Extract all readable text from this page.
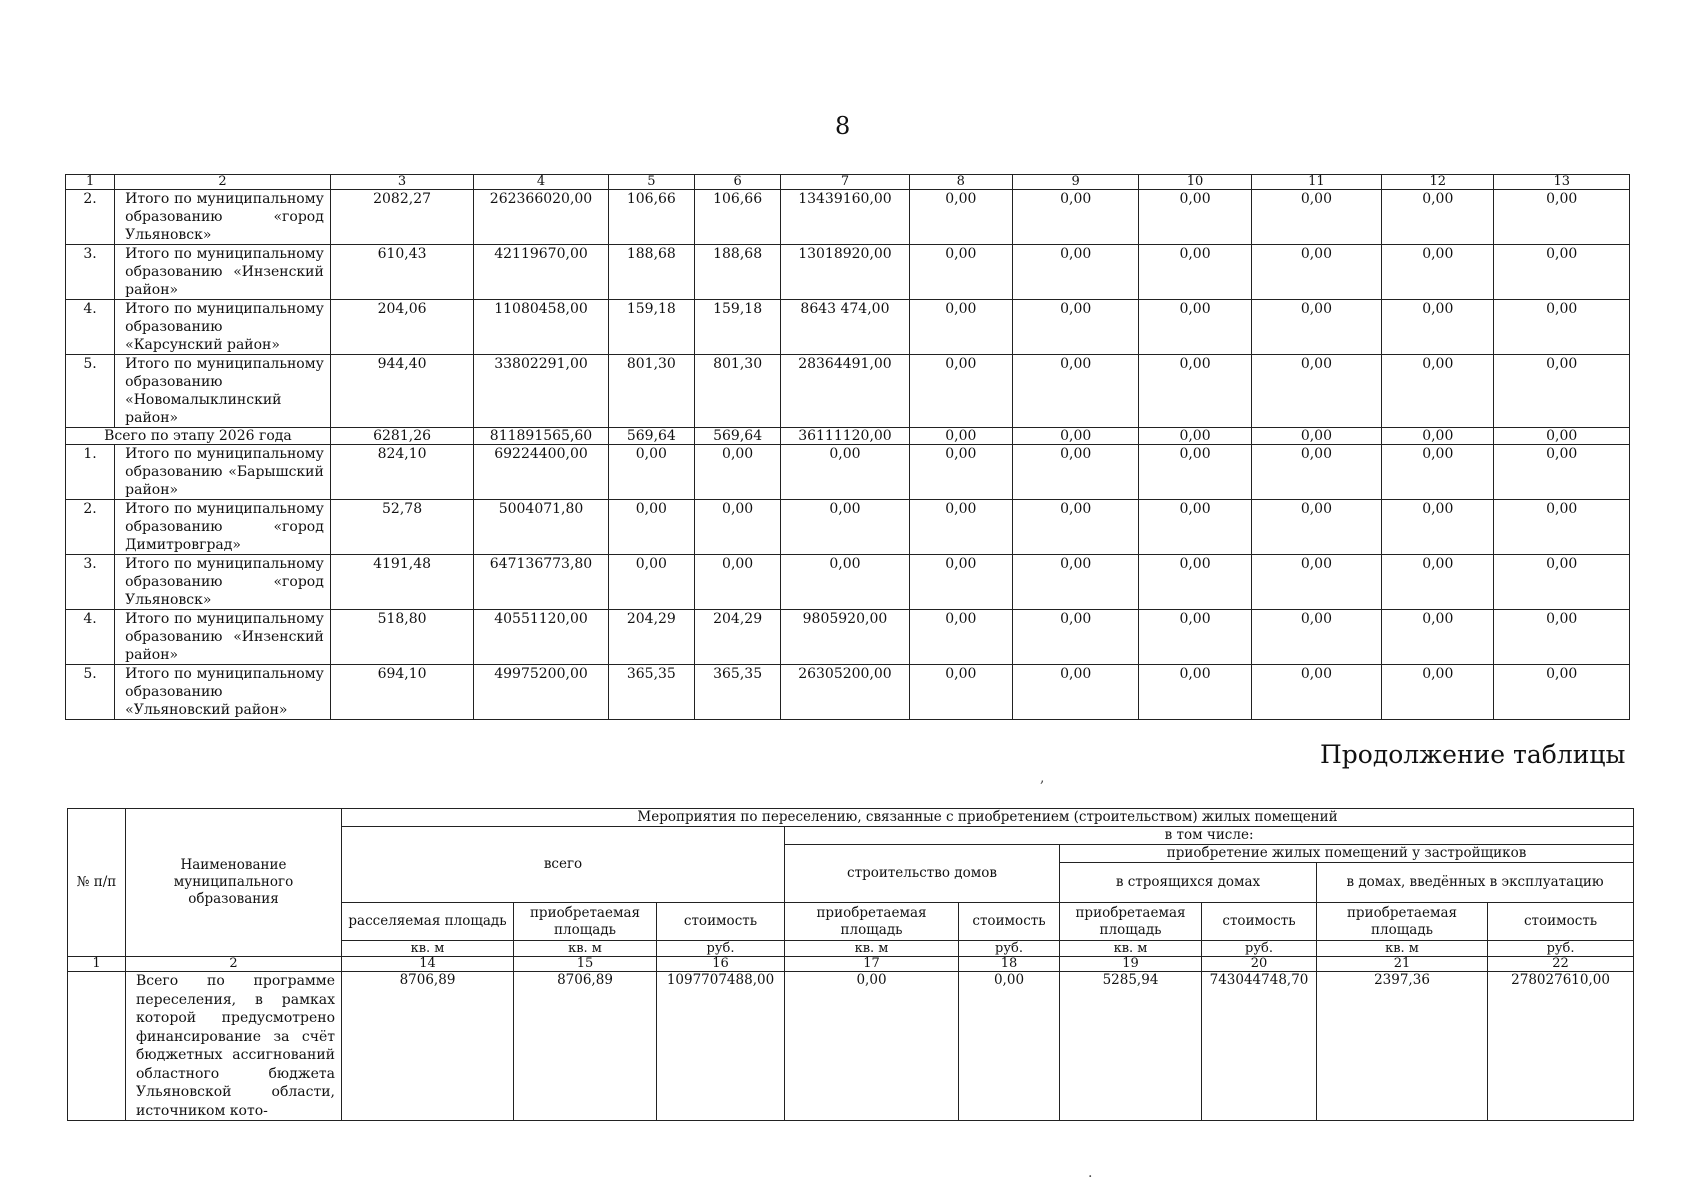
8
1	2	3	4	5	6	7	8	9	10	11	12	13
2.	Итого по муниципальному образованию «город Ульяновск»	2082,27	262366020,00	106,66	106,66	13439160,00	0,00	0,00	0,00	0,00	0,00	0,00
3.	Итого по муниципальному образованию «Инзенский район»	610,43	42119670,00	188,68	188,68	13018920,00	0,00	0,00	0,00	0,00	0,00	0,00
4.	Итого по муниципальному образованию «Карсунский район»	204,06	11080458,00	159,18	159,18	8643 474,00	0,00	0,00	0,00	0,00	0,00	0,00
5.	Итого по муниципальному образованию «Новомалыклинский район»	944,40	33802291,00	801,30	801,30	28364491,00	0,00	0,00	0,00	0,00	0,00	0,00
Всего по этапу 2026 года		6281,26	811891565,60	569,64	569,64	36111120,00	0,00	0,00	0,00	0,00	0,00	0,00
1.	Итого по муниципальному образованию «Барышский район»	824,10	69224400,00	0,00	0,00	0,00	0,00	0,00	0,00	0,00	0,00	0,00
2.	Итого по муниципальному образованию «город Димитровград»	52,78	5004071,80	0,00	0,00	0,00	0,00	0,00	0,00	0,00	0,00	0,00
3.	Итого по муниципальному образованию «город Ульяновск»	4191,48	647136773,80	0,00	0,00	0,00	0,00	0,00	0,00	0,00	0,00	0,00
4.	Итого по муниципальному образованию «Инзенский район»	518,80	40551120,00	204,29	204,29	9805920,00	0,00	0,00	0,00	0,00	0,00	0,00
5.	Итого по муниципальному образованию «Ульяновский район»	694,10	49975200,00	365,35	365,35	26305200,00	0,00	0,00	0,00	0,00	0,00	0,00
Продолжение таблицы
№ п/п	Наименование муниципального образования	Мероприятия по переселению, связанные с приобретением (строительством) жилых помещений								
		всего			в том числе:					
					строительство домов		приобретение жилых помещений у застройщиков			
							в строящихся домах		в домах, введённых в эксплуатацию	
		расселяемая площадь	приобретаемая площадь	стоимость	приобретаемая площадь	стоимость	приобретаемая площадь	стоимость	приобретаемая площадь	стоимость
		кв. м	кв. м	руб.	кв. м	руб.	кв. м	руб.	кв. м	руб.
1	2	14	15	16	17	18	19	20	21	22
	Всего по программе переселения, в рамках которой предусмотрено финансирование за счёт бюджетных ассигнований областного бюджета Ульяновской области, источником кото-	8706,89	8706,89	1097707488,00	0,00	0,00	5285,94	743044748,70	2397,36	278027610,00
,
.
